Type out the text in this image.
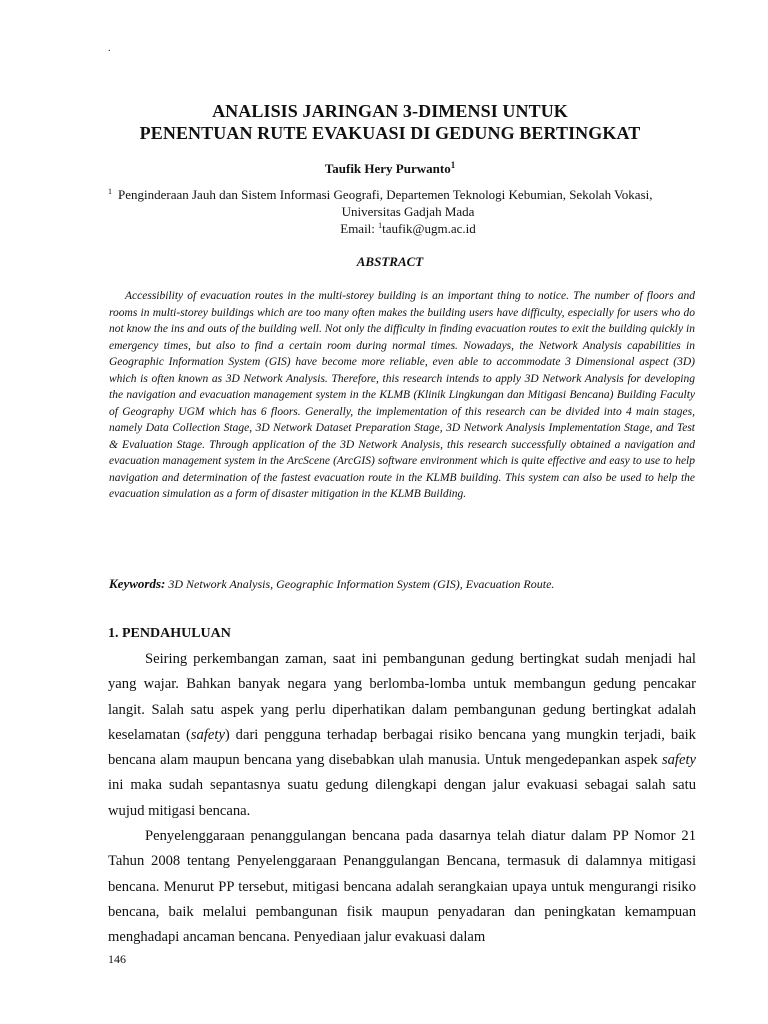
.
ANALISIS JARINGAN 3-DIMENSI UNTUK
PENENTUAN RUTE EVAKUASI DI GEDUNG BERTINGKAT
Taufik Hery Purwanto$^1$
$^1$ Penginderaan Jauh dan Sistem Informasi Geografi, Departemen Teknologi Kebumian, Sekolah Vokasi,
Universitas Gadjah Mada
Email: $^1$taufik@ugm.ac.id
ABSTRACT

Accessibility of evacuation routes in the multi-storey building is an important thing to notice. The number of floors and rooms in multi-storey buildings which are too many often makes the building users have difficulty, especially for users who do not know the ins and outs of the building well. Not only the difficulty in finding evacuation routes to exit the building quickly in emergency times, but also to find a certain room during normal times. Nowadays, the Network Analysis capabilities in Geographic Information System (GIS) have become more reliable, even able to accommodate 3 Dimensional aspect (3D) which is often known as 3D Network Analysis. Therefore, this research intends to apply 3D Network Analysis for developing the navigation and evacuation management system in the KLMB (Klinik Lingkungan dan Mitigasi Bencana) Building Faculty of Geography UGM which has 6 floors. Generally, the implementation of this research can be divided into 4 main stages, namely Data Collection Stage, 3D Network Dataset Preparation Stage, 3D Network Analysis Implementation Stage, and Test & Evaluation Stage. Through application of the 3D Network Analysis, this research successfully obtained a navigation and evacuation management system in the ArcScene (ArcGIS) software environment which is quite effective and easy to use to help navigation and determination of the fastest evacuation route in the KLMB building. This system can also be used to help the evacuation simulation as a form of disaster mitigation in the KLMB Building.

Keywords: 3D Network Analysis, Geographic Information System (GIS), Evacuation Route.
1. PENDAHULUAN

Seiring perkembangan zaman, saat ini pembangunan gedung bertingkat sudah menjadi hal yang wajar. Bahkan banyak negara yang berlomba-lomba untuk membangun gedung pencakar langit. Salah satu aspek yang perlu diperhatikan dalam pembangunan gedung bertingkat adalah keselamatan (safety) dari pengguna terhadap berbagai risiko bencana yang mungkin terjadi, baik bencana alam maupun bencana yang disebabkan ulah manusia. Untuk mengedepankan aspek safety ini maka sudah sepantasnya suatu gedung dilengkapi dengan jalur evakuasi sebagai salah satu wujud mitigasi bencana.

Penyelenggaraan penanggulangan bencana pada dasarnya telah diatur dalam PP Nomor 21 Tahun 2008 tentang Penyelenggaraan Penanggulangan Bencana, termasuk di dalamnya mitigasi bencana. Menurut PP tersebut, mitigasi bencana adalah serangkaian upaya untuk mengurangi risiko bencana, baik melalui pembangunan fisik maupun penyadaran dan peningkatan kemampuan menghadapi ancaman bencana. Penyediaan jalur evakuasi dalam

146
